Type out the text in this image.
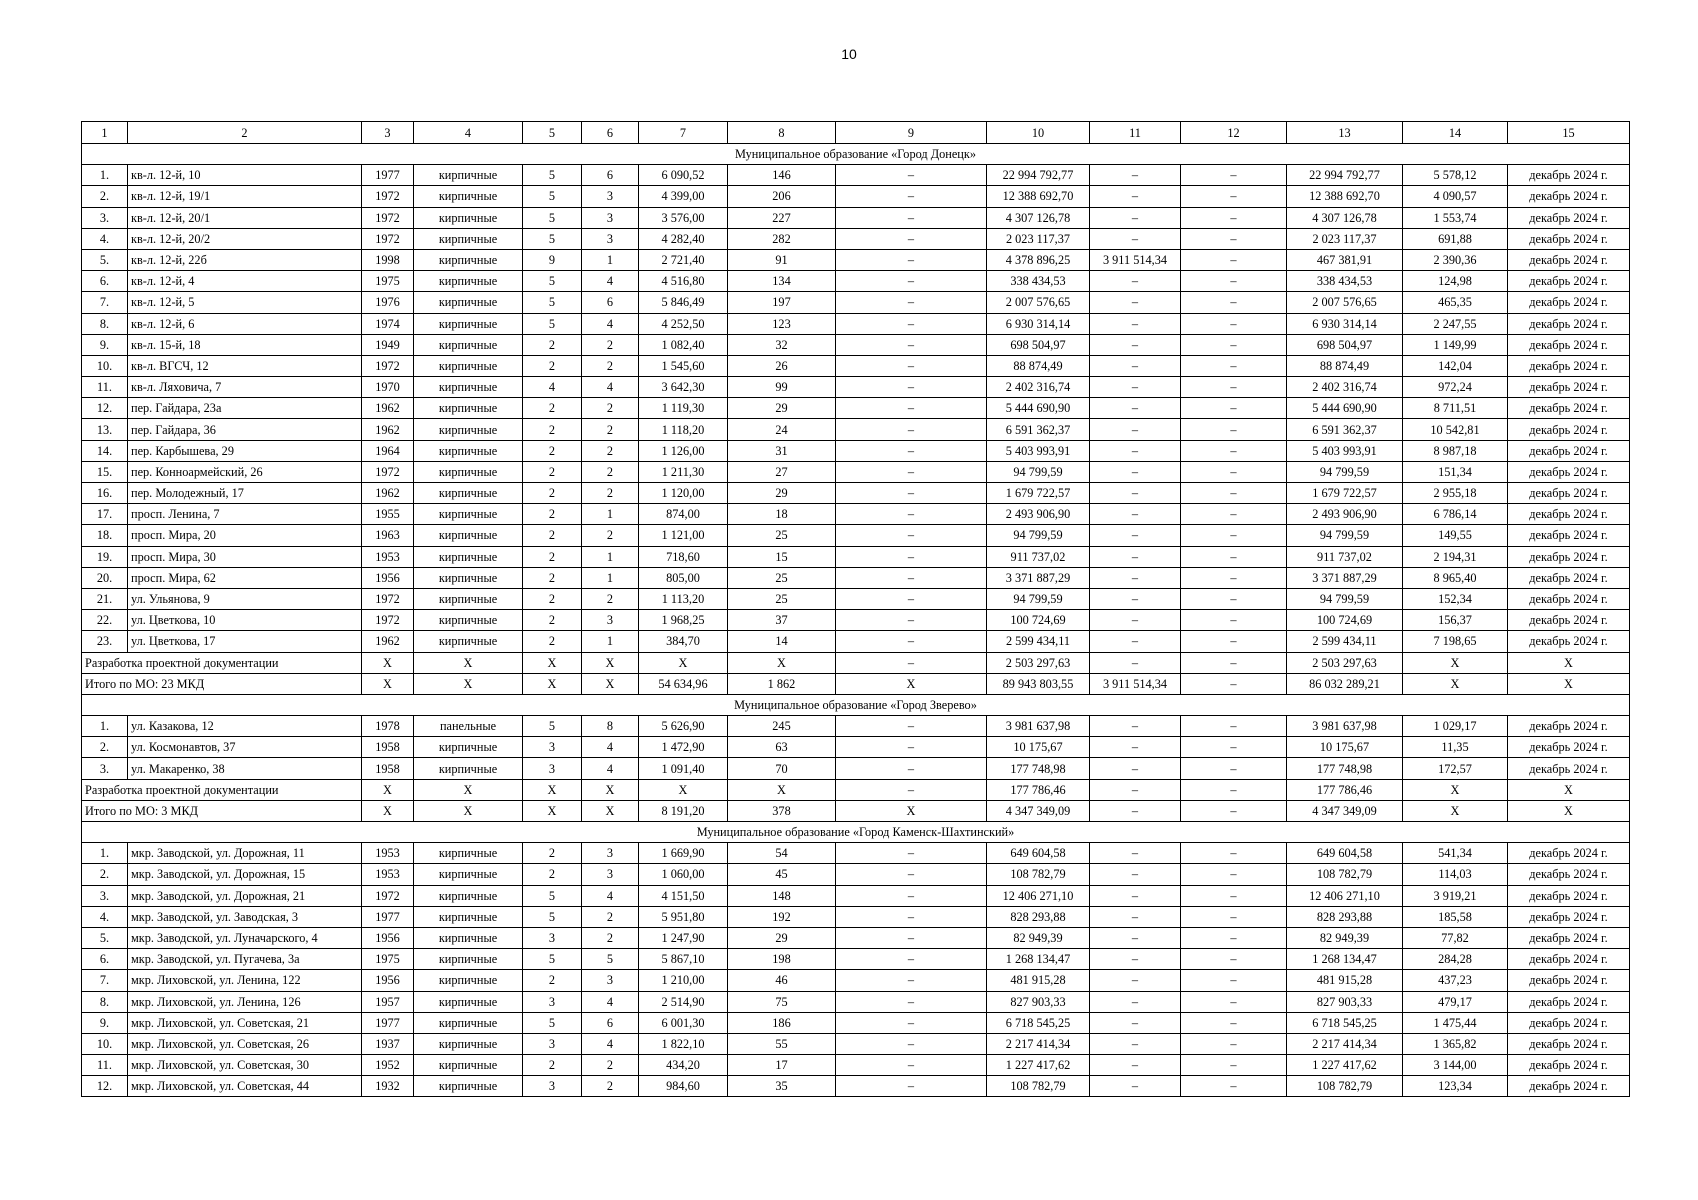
10
1	2	3	4	5	6	7	8	9	10	11	12	13	14	15
Муниципальное образование «Город Донецк»														
1.	кв-л. 12-й, 10	1977	кирпичные	5	6	6 090,52	146	–	22 994 792,77	–	–	22 994 792,77	5 578,12	декабрь 2024 г.
2.	кв-л. 12-й, 19/1	1972	кирпичные	5	3	4 399,00	206	–	12 388 692,70	–	–	12 388 692,70	4 090,57	декабрь 2024 г.
3.	кв-л. 12-й, 20/1	1972	кирпичные	5	3	3 576,00	227	–	4 307 126,78	–	–	4 307 126,78	1 553,74	декабрь 2024 г.
4.	кв-л. 12-й, 20/2	1972	кирпичные	5	3	4 282,40	282	–	2 023 117,37	–	–	2 023 117,37	691,88	декабрь 2024 г.
5.	кв-л. 12-й, 22б	1998	кирпичные	9	1	2 721,40	91	–	4 378 896,25	3 911 514,34	–	467 381,91	2 390,36	декабрь 2024 г.
6.	кв-л. 12-й, 4	1975	кирпичные	5	4	4 516,80	134	–	338 434,53	–	–	338 434,53	124,98	декабрь 2024 г.
7.	кв-л. 12-й, 5	1976	кирпичные	5	6	5 846,49	197	–	2 007 576,65	–	–	2 007 576,65	465,35	декабрь 2024 г.
8.	кв-л. 12-й, 6	1974	кирпичные	5	4	4 252,50	123	–	6 930 314,14	–	–	6 930 314,14	2 247,55	декабрь 2024 г.
9.	кв-л. 15-й, 18	1949	кирпичные	2	2	1 082,40	32	–	698 504,97	–	–	698 504,97	1 149,99	декабрь 2024 г.
10.	кв-л. ВГСЧ, 12	1972	кирпичные	2	2	1 545,60	26	–	88 874,49	–	–	88 874,49	142,04	декабрь 2024 г.
11.	кв-л. Ляховича, 7	1970	кирпичные	4	4	3 642,30	99	–	2 402 316,74	–	–	2 402 316,74	972,24	декабрь 2024 г.
12.	пер. Гайдара, 23а	1962	кирпичные	2	2	1 119,30	29	–	5 444 690,90	–	–	5 444 690,90	8 711,51	декабрь 2024 г.
13.	пер. Гайдара, 36	1962	кирпичные	2	2	1 118,20	24	–	6 591 362,37	–	–	6 591 362,37	10 542,81	декабрь 2024 г.
14.	пер. Карбышева, 29	1964	кирпичные	2	2	1 126,00	31	–	5 403 993,91	–	–	5 403 993,91	8 987,18	декабрь 2024 г.
15.	пер. Конноармейский, 26	1972	кирпичные	2	2	1 211,30	27	–	94 799,59	–	–	94 799,59	151,34	декабрь 2024 г.
16.	пер. Молодежный, 17	1962	кирпичные	2	2	1 120,00	29	–	1 679 722,57	–	–	1 679 722,57	2 955,18	декабрь 2024 г.
17.	просп. Ленина, 7	1955	кирпичные	2	1	874,00	18	–	2 493 906,90	–	–	2 493 906,90	6 786,14	декабрь 2024 г.
18.	просп. Мира, 20	1963	кирпичные	2	2	1 121,00	25	–	94 799,59	–	–	94 799,59	149,55	декабрь 2024 г.
19.	просп. Мира, 30	1953	кирпичные	2	1	718,60	15	–	911 737,02	–	–	911 737,02	2 194,31	декабрь 2024 г.
20.	просп. Мира, 62	1956	кирпичные	2	1	805,00	25	–	3 371 887,29	–	–	3 371 887,29	8 965,40	декабрь 2024 г.
21.	ул. Ульянова, 9	1972	кирпичные	2	2	1 113,20	25	–	94 799,59	–	–	94 799,59	152,34	декабрь 2024 г.
22.	ул. Цветкова, 10	1972	кирпичные	2	3	1 968,25	37	–	100 724,69	–	–	100 724,69	156,37	декабрь 2024 г.
23.	ул. Цветкова, 17	1962	кирпичные	2	1	384,70	14	–	2 599 434,11	–	–	2 599 434,11	7 198,65	декабрь 2024 г.
Разработка проектной документации		X	X	X	X	X	X	–	2 503 297,63	–	–	2 503 297,63	X	X
Итого по МО: 23 МКД		X	X	X	X	54 634,96	1 862	X	89 943 803,55	3 911 514,34	–	86 032 289,21	X	X
Муниципальное образование «Город Зверево»														
1.	ул. Казакова, 12	1978	панельные	5	8	5 626,90	245	–	3 981 637,98	–	–	3 981 637,98	1 029,17	декабрь 2024 г.
2.	ул. Космонавтов, 37	1958	кирпичные	3	4	1 472,90	63	–	10 175,67	–	–	10 175,67	11,35	декабрь 2024 г.
3.	ул. Макаренко, 38	1958	кирпичные	3	4	1 091,40	70	–	177 748,98	–	–	177 748,98	172,57	декабрь 2024 г.
Разработка проектной документации		X	X	X	X	X	X	–	177 786,46	–	–	177 786,46	X	X
Итого по МО: 3 МКД		X	X	X	X	8 191,20	378	X	4 347 349,09	–	–	4 347 349,09	X	X
Муниципальное образование «Город Каменск-Шахтинский»														
1.	мкр. Заводской, ул. Дорожная, 11	1953	кирпичные	2	3	1 669,90	54	–	649 604,58	–	–	649 604,58	541,34	декабрь 2024 г.
2.	мкр. Заводской, ул. Дорожная, 15	1953	кирпичные	2	3	1 060,00	45	–	108 782,79	–	–	108 782,79	114,03	декабрь 2024 г.
3.	мкр. Заводской, ул. Дорожная, 21	1972	кирпичные	5	4	4 151,50	148	–	12 406 271,10	–	–	12 406 271,10	3 919,21	декабрь 2024 г.
4.	мкр. Заводской, ул. Заводская, 3	1977	кирпичные	5	2	5 951,80	192	–	828 293,88	–	–	828 293,88	185,58	декабрь 2024 г.
5.	мкр. Заводской, ул. Луначарского, 4	1956	кирпичные	3	2	1 247,90	29	–	82 949,39	–	–	82 949,39	77,82	декабрь 2024 г.
6.	мкр. Заводской, ул. Пугачева, 3а	1975	кирпичные	5	5	5 867,10	198	–	1 268 134,47	–	–	1 268 134,47	284,28	декабрь 2024 г.
7.	мкр. Лиховской, ул. Ленина, 122	1956	кирпичные	2	3	1 210,00	46	–	481 915,28	–	–	481 915,28	437,23	декабрь 2024 г.
8.	мкр. Лиховской, ул. Ленина, 126	1957	кирпичные	3	4	2 514,90	75	–	827 903,33	–	–	827 903,33	479,17	декабрь 2024 г.
9.	мкр. Лиховской, ул. Советская, 21	1977	кирпичные	5	6	6 001,30	186	–	6 718 545,25	–	–	6 718 545,25	1 475,44	декабрь 2024 г.
10.	мкр. Лиховской, ул. Советская, 26	1937	кирпичные	3	4	1 822,10	55	–	2 217 414,34	–	–	2 217 414,34	1 365,82	декабрь 2024 г.
11.	мкр. Лиховской, ул. Советская, 30	1952	кирпичные	2	2	434,20	17	–	1 227 417,62	–	–	1 227 417,62	3 144,00	декабрь 2024 г.
12.	мкр. Лиховской, ул. Советская, 44	1932	кирпичные	3	2	984,60	35	–	108 782,79	–	–	108 782,79	123,34	декабрь 2024 г.
